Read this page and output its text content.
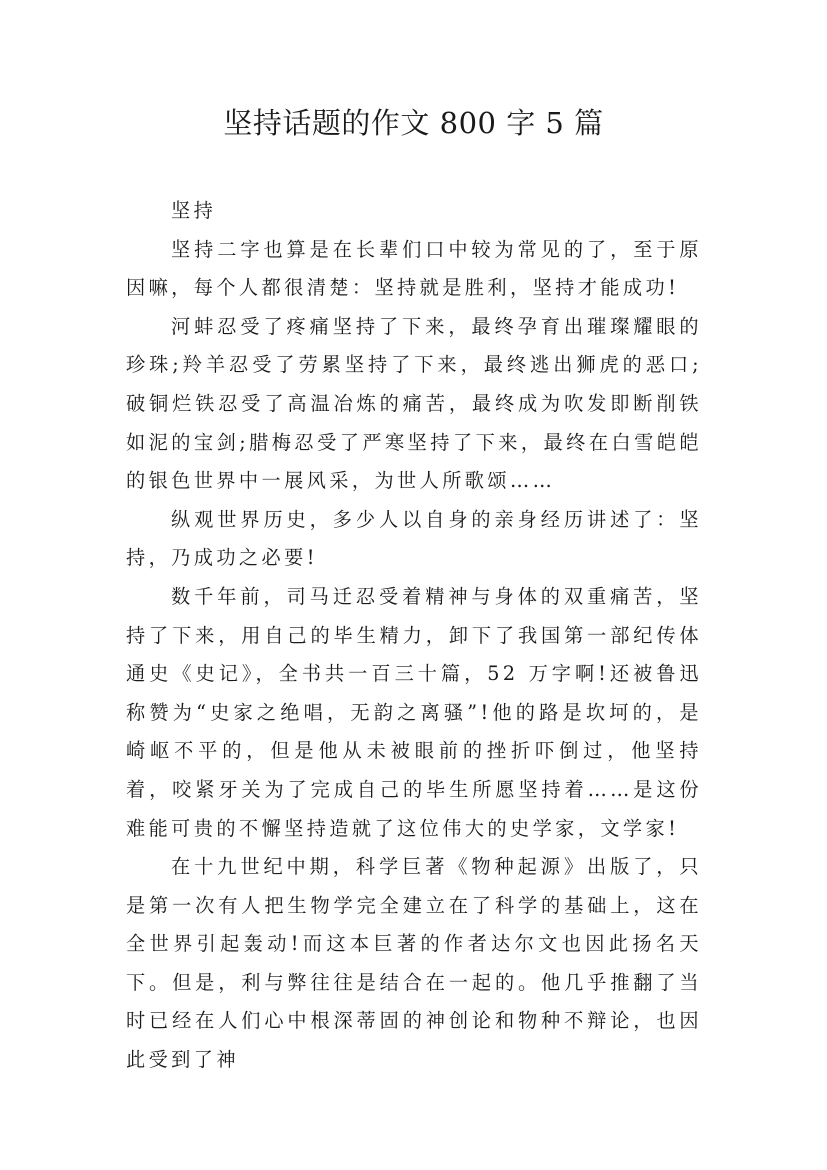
坚持话题的作文 800 字 5 篇

坚持

坚持二字也算是在长辈们口中较为常见的了，至于原因嘛，每个人都很清楚：坚持就是胜利，坚持才能成功!

河蚌忍受了疼痛坚持了下来，最终孕育出璀璨耀眼的珍珠;羚羊忍受了劳累坚持了下来，最终逃出狮虎的恶口;破铜烂铁忍受了高温冶炼的痛苦，最终成为吹发即断削铁如泥的宝剑;腊梅忍受了严寒坚持了下来，最终在白雪皑皑的银色世界中一展风采，为世人所歌颂……

纵观世界历史，多少人以自身的亲身经历讲述了：坚持，乃成功之必要!

数千年前，司马迁忍受着精神与身体的双重痛苦，坚持了下来，用自己的毕生精力，卸下了我国第一部纪传体通史《史记》，全书共一百三十篇，52 万字啊!还被鲁迅称赞为“史家之绝唱，无韵之离骚”!他的路是坎坷的，是崎岖不平的，但是他从未被眼前的挫折吓倒过，他坚持着，咬紧牙关为了完成自己的毕生所愿坚持着……是这份难能可贵的不懈坚持造就了这位伟大的史学家，文学家!

在十九世纪中期，科学巨著《物种起源》出版了，只是第一次有人把生物学完全建立在了科学的基础上，这在全世界引起轰动!而这本巨著的作者达尔文也因此扬名天下。但是，利与弊往往是结合在一起的。他几乎推翻了当时已经在人们心中根深蒂固的神创论和物种不辩论，也因此受到了神
